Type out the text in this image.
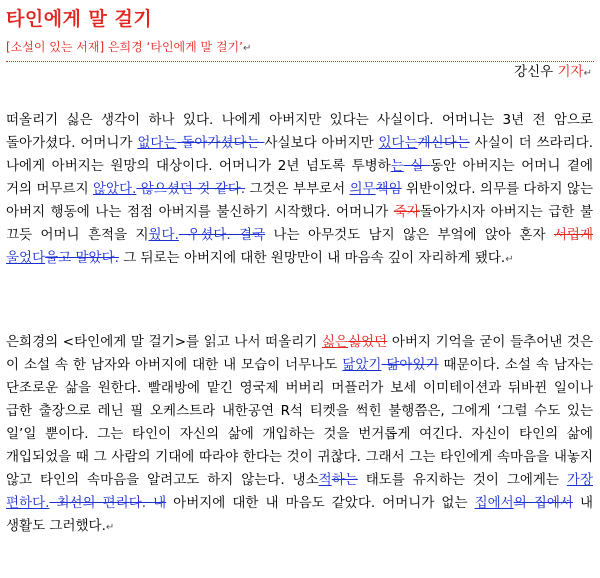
타인에게 말 걸기
[소설이 있는 서재] 은희경 ‘타인에게 말 걸기’↵
강신우 기자↵

떠올리기 싫은 생각이 하나 있다. 나에게 아버지만 있다는 사실이다. 어머니는 3년 전 암으로 돌아가셨다. 어머니가 없다는 돌아가셨다는 사실보다 아버지만 있다는계신다는 사실이 더 쓰라리다. 나에게 아버지는 원망의 대상이다. 어머니가 2년 넘도록 투병하는 실 동안 아버지는 어머니 곁에 거의 머무르지 않았다. 않으셨던 것 같다. 그것은 부부로서 의무책임 위반이었다. 의무를 다하지 않는 아버지 행동에 나는 점점 아버지를 불신하기 시작했다. 어머니가 죽자돌아가시자 아버지는 급한 불 끄듯 어머니 흔적을 지웠다. 우셨다. 결국 나는 아무것도 남지 않은 부엌에 앉아 혼자 서럽게 울었다울고 말았다. 그 뒤로는 아버지에 대한 원망만이 내 마음속 깊이 자리하게 됐다.↵

은희경의 <타인에게 말 걸기>를 읽고 나서 떠올리기 싫은싫었던 아버지 기억을 굳이 들추어낸 것은 이 소설 속 한 남자와 아버지에 대한 내 모습이 너무나도 닮았기 닮아있기 때문이다. 소설 속 남자는 단조로운 삶을 원한다. 빨래방에 맡긴 영국제 버버리 머플러가 보세 이미테이션과 뒤바뀐 일이나 급한 출장으로 레닌 필 오케스트라 내한공연 R석 티켓을 썩힌 불행쯤은, 그에게 ‘그럴 수도 있는 일’일 뿐이다. 그는 타인이 자신의 삶에 개입하는 것을 번거롭게 여긴다. 자신이 타인의 삶에 개입되었을 때 그 사람의 기대에 따라야 한다는 것이 귀찮다. 그래서 그는 타인에게 속마음을 내놓지 않고 타인의 속마음을 알려고도 하지 않는다. 냉소적하는 태도를 유지하는 것이 그에게는 가장 편하다. 최선의 편리다. 내 아버지에 대한 내 마음도 같았다. 어머니가 없는 집에서의 집에서 내 생활도 그러했다.↵
